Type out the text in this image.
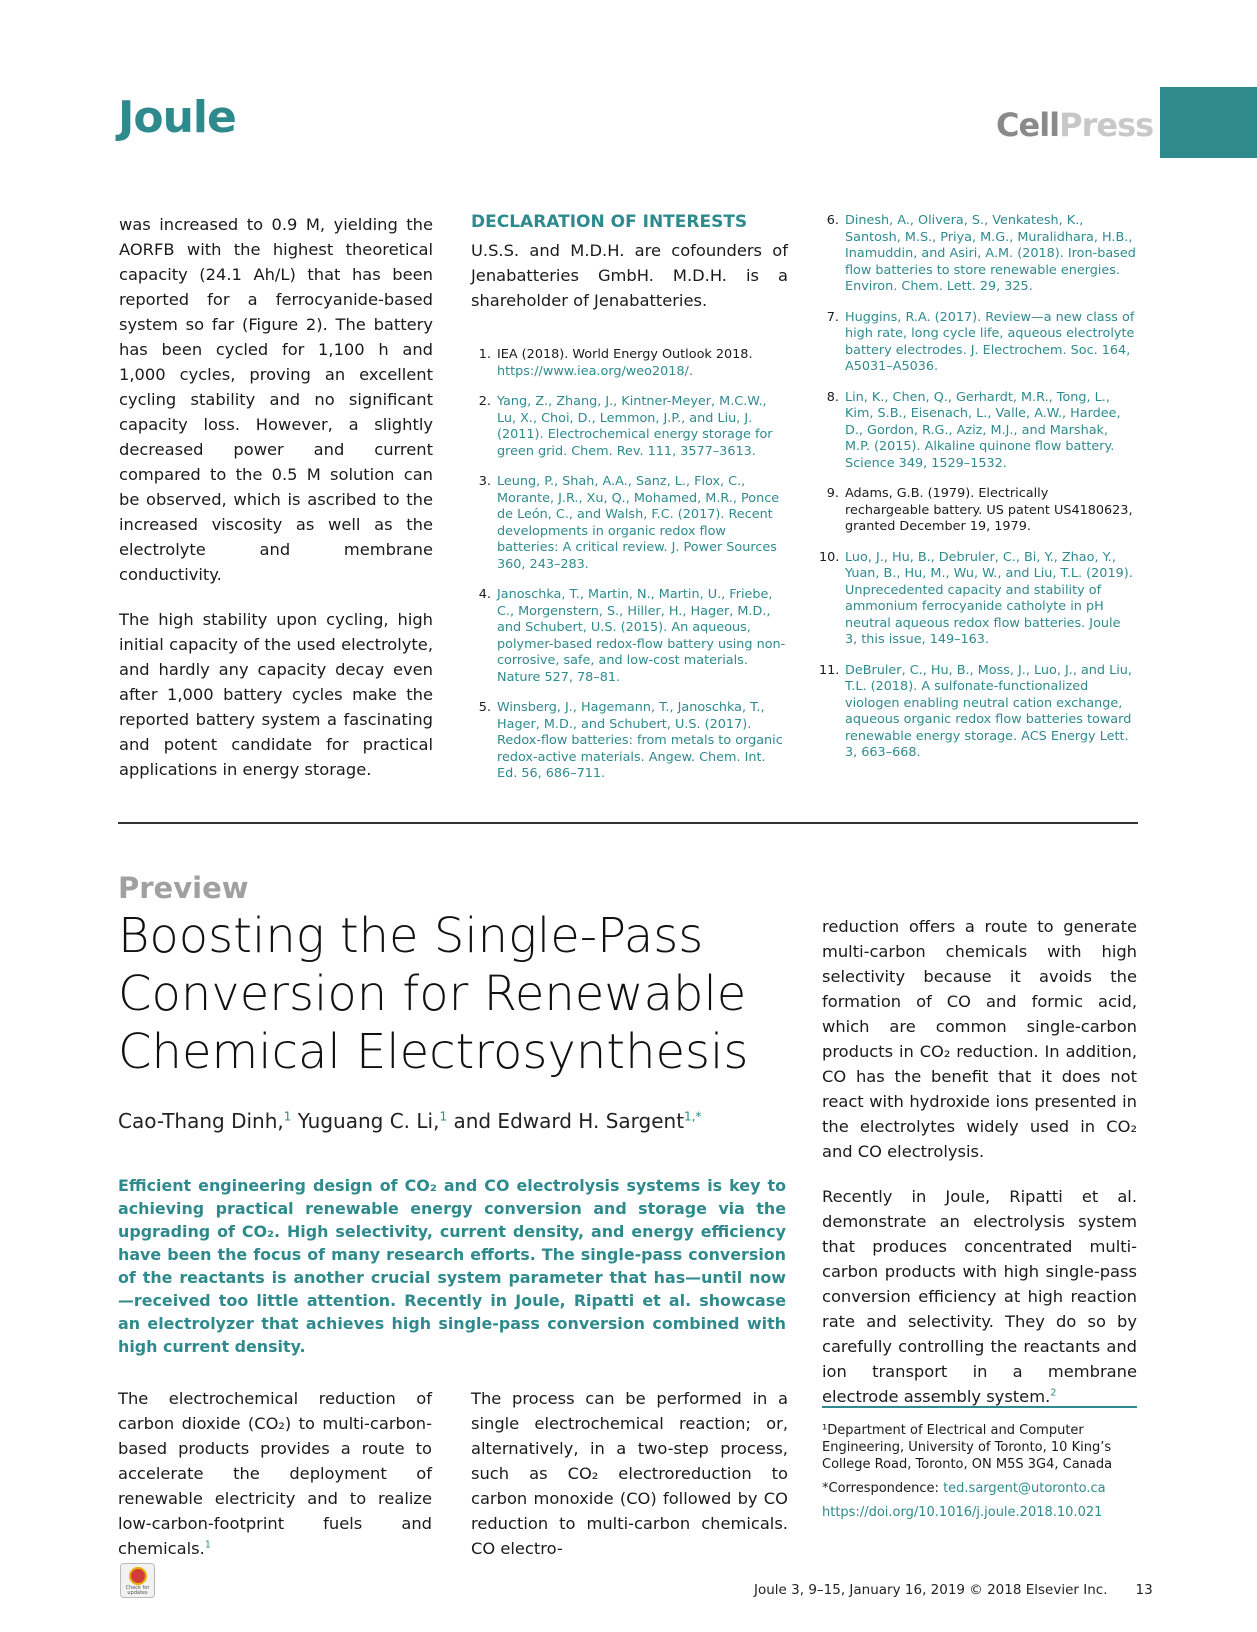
Joule	CellPress

was increased to 0.9 M, yielding the AORFB with the highest theoretical capacity (24.1 Ah/L) that has been reported for a ferrocyanide-based system so far (Figure 2). The battery has been cycled for 1,100 h and 1,000 cycles, proving an excellent cycling stability and no significant capacity loss. However, a slightly decreased power and current compared to the 0.5 M solution can be observed, which is ascribed to the increased viscosity as well as the electrolyte and membrane conductivity.

The high stability upon cycling, high initial capacity of the used electrolyte, and hardly any capacity decay even after 1,000 battery cycles make the reported battery system a fascinating and potent candidate for practical applications in energy storage.

DECLARATION OF INTERESTS

U.S.S. and M.D.H. are cofounders of Jenabatteries GmbH. M.D.H. is a shareholder of Jenabatteries.

1. IEA (2018). World Energy Outlook 2018.
https://www.iea.org/weo2018/.
2. Yang, Z., Zhang, J., Kintner-Meyer, M.C.W., Lu, X., Choi, D., Lemmon, J.P., and Liu, J. (2011). Electrochemical energy storage for green grid. Chem. Rev. 111, 3577–3613.
3. Leung, P., Shah, A.A., Sanz, L., Flox, C., Morante, J.R., Xu, Q., Mohamed, M.R., Ponce de León, C., and Walsh, F.C. (2017). Recent developments in organic redox flow batteries: A critical review. J. Power Sources 360, 243–283.
4. Janoschka, T., Martin, N., Martin, U., Friebe, C., Morgenstern, S., Hiller, H., Hager, M.D., and Schubert, U.S. (2015). An aqueous, polymer-based redox-flow battery using non-corrosive, safe, and low-cost materials. Nature 527, 78–81.
5. Winsberg, J., Hagemann, T., Janoschka, T., Hager, M.D., and Schubert, U.S. (2017). Redox-flow batteries: from metals to organic redox-active materials. Angew. Chem. Int. Ed. 56, 686–711.
6. Dinesh, A., Olivera, S., Venkatesh, K., Santosh, M.S., Priya, M.G., Muralidhara, H.B., Inamuddin, and Asiri, A.M. (2018). Iron-based flow batteries to store renewable energies. Environ. Chem. Lett. 29, 325.
7. Huggins, R.A. (2017). Review—a new class of high rate, long cycle life, aqueous electrolyte battery electrodes. J. Electrochem. Soc. 164, A5031–A5036.
8. Lin, K., Chen, Q., Gerhardt, M.R., Tong, L., Kim, S.B., Eisenach, L., Valle, A.W., Hardee, D., Gordon, R.G., Aziz, M.J., and Marshak, M.P. (2015). Alkaline quinone flow battery. Science 349, 1529–1532.
9. Adams, G.B. (1979). Electrically rechargeable battery. US patent US4180623, granted December 19, 1979.
10. Luo, J., Hu, B., Debruler, C., Bi, Y., Zhao, Y., Yuan, B., Hu, M., Wu, W., and Liu, T.L. (2019). Unprecedented capacity and stability of ammonium ferrocyanide catholyte in pH neutral aqueous redox flow batteries. Joule 3, this issue, 149–163.
11. DeBruler, C., Hu, B., Moss, J., Luo, J., and Liu, T.L. (2018). A sulfonate-functionalized viologen enabling neutral cation exchange, aqueous organic redox flow batteries toward renewable energy storage. ACS Energy Lett. 3, 663–668.
Preview
Boosting the Single-Pass Conversion for Renewable Chemical Electrosynthesis
Cao-Thang Dinh,$^1$ Yuguang C. Li,$^1$ and Edward H. Sargent$^{1,*}$
Efficient engineering design of CO₂ and CO electrolysis systems is key to achieving practical renewable energy conversion and storage via the upgrading of CO₂. High selectivity, current density, and energy efficiency have been the focus of many research efforts. The single-pass conversion of the reactants is another crucial system parameter that has—until now—received too little attention. Recently in Joule, Ripatti et al. showcase an electrolyzer that achieves high single-pass conversion combined with high current density.

The electrochemical reduction of carbon dioxide (CO₂) to multi-carbon-based products provides a route to accelerate the deployment of renewable electricity and to realize low-carbon-footprint fuels and chemicals.$^1$

The process can be performed in a single electrochemical reaction; or, alternatively, in a two-step process, such as CO₂ electroreduction to carbon monoxide (CO) followed by CO reduction to multi-carbon chemicals. CO electro-

reduction offers a route to generate multi-carbon chemicals with high selectivity because it avoids the formation of CO and formic acid, which are common single-carbon products in CO₂ reduction. In addition, CO has the benefit that it does not react with hydroxide ions presented in the electrolytes widely used in CO₂ and CO electrolysis.

Recently in Joule, Ripatti et al. demonstrate an electrolysis system that produces concentrated multi-carbon products with high single-pass conversion efficiency at high reaction rate and selectivity. They do so by carefully controlling the reactants and ion transport in a membrane electrode assembly system.$^2$

¹Department of Electrical and Computer Engineering, University of Toronto, 10 King’s College Road, Toronto, ON M5S 3G4, Canada

*Correspondence: ted.sargent@utoronto.ca

https://doi.org/10.1016/j.joule.2018.10.021

Check for updates	Joule 3, 9–15, January 16, 2019 © 2018 Elsevier Inc. 13
